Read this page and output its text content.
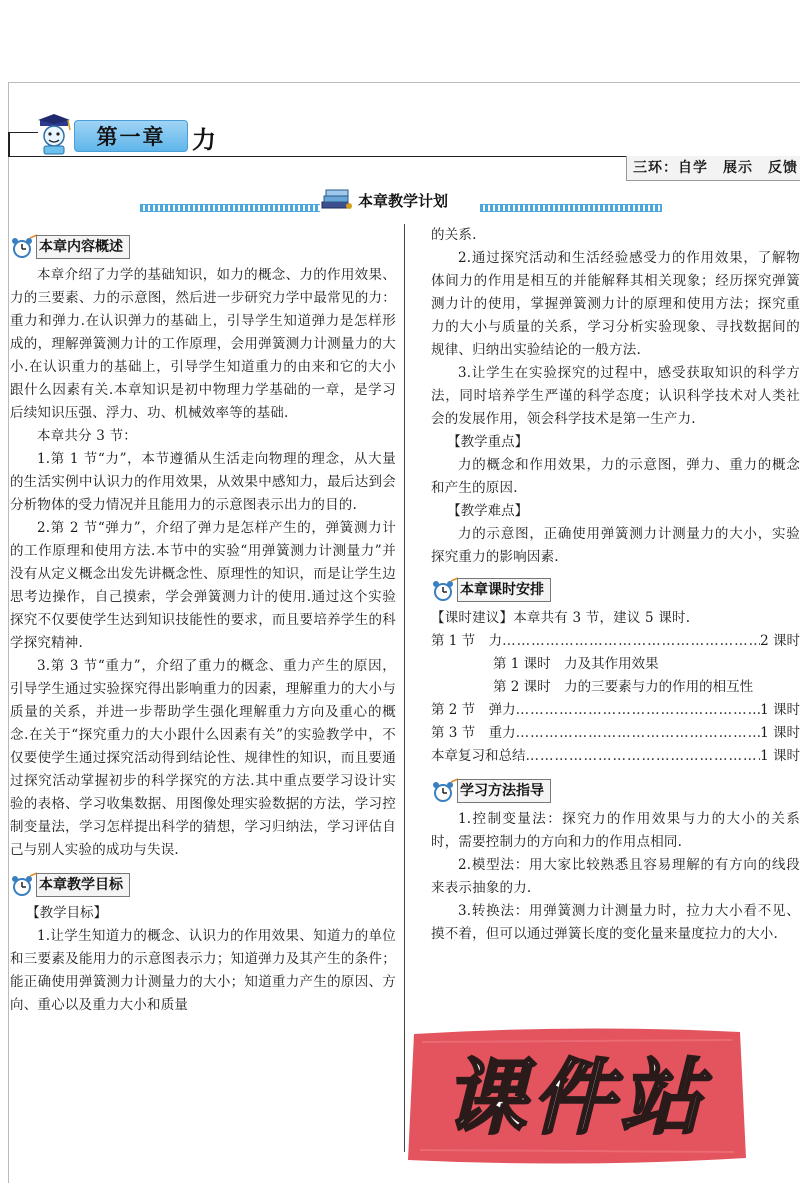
第一章	力
三环：自学　展示　反馈
本章教学计划
本章内容概述

本章介绍了力学的基础知识，如力的概念、力的作用效果、力的三要素、力的示意图，然后进一步研究力学中最常见的力：重力和弹力.在认识弹力的基础上，引导学生知道弹力是怎样形成的，理解弹簧测力计的工作原理，会用弹簧测力计测量力的大小.在认识重力的基础上，引导学生知道重力的由来和它的大小跟什么因素有关.本章知识是初中物理力学基础的一章，是学习后续知识压强、浮力、功、机械效率等的基础.

本章共分 3 节：

1.第 1 节“力”，本节遵循从生活走向物理的理念，从大量的生活实例中认识力的作用效果，从效果中感知力，最后达到会分析物体的受力情况并且能用力的示意图表示出力的目的.

2.第 2 节“弹力”，介绍了弹力是怎样产生的，弹簧测力计的工作原理和使用方法.本节中的实验“用弹簧测力计测量力”并没有从定义概念出发先讲概念性、原理性的知识，而是让学生边思考边操作，自己摸索，学会弹簧测力计的使用.通过这个实验探究不仅要使学生达到知识技能性的要求，而且要培养学生的科学探究精神.

3.第 3 节“重力”，介绍了重力的概念、重力产生的原因，引导学生通过实验探究得出影响重力的因素，理解重力的大小与质量的关系，并进一步帮助学生强化理解重力方向及重心的概念.在关于“探究重力的大小跟什么因素有关”的实验教学中，不仅要使学生通过探究活动得到结论性、规律性的知识，而且要通过探究活动掌握初步的科学探究的方法.其中重点要学习设计实验的表格、学习收集数据、用图像处理实验数据的方法，学习控制变量法，学习怎样提出科学的猜想，学习归纳法，学习评估自己与别人实验的成功与失误.

本章教学目标

【教学目标】

1.让学生知道力的概念、认识力的作用效果、知道力的单位和三要素及能用力的示意图表示力；知道弹力及其产生的条件；能正确使用弹簧测力计测量力的大小；知道重力产生的原因、方向、重心以及重力大小和质量

的关系.

2.通过探究活动和生活经验感受力的作用效果，了解物体间力的作用是相互的并能解释其相关现象；经历探究弹簧测力计的使用，掌握弹簧测力计的原理和使用方法；探究重力的大小与质量的关系，学习分析实验现象、寻找数据间的规律、归纳出实验结论的一般方法.

3.让学生在实验探究的过程中，感受获取知识的科学方法，同时培养学生严谨的科学态度；认识科学技术对人类社会的发展作用，领会科学技术是第一生产力.

【教学重点】

力的概念和作用效果，力的示意图，弹力、重力的概念和产生的原因.

【教学难点】

力的示意图，正确使用弹簧测力计测量力的大小，实验探究重力的影响因素.

本章课时安排

【课时建议】本章共有 3 节，建议 5 课时.

第 1 节　力 …………………………………………………………………………………………	2 课时
第 1 课时　力及其作用效果
第 2 课时　力的三要素与力的作用的相互性
第 2 节　弹力 …………………………………………………………………………………………	1 课时
第 3 节　重力 …………………………………………………………………………………………	1 课时
本章复习和总结 …………………………………………………………………………………………	1 课时
学习方法指导

1.控制变量法：探究力的作用效果与力的大小的关系时，需要控制力的方向和力的作用点相同.

2.模型法：用大家比较熟悉且容易理解的有方向的线段来表示抽象的力.

3.转换法：用弹簧测力计测量力时，拉力大小看不见、摸不着，但可以通过弹簧长度的变化量来量度拉力的大小.

课件站
